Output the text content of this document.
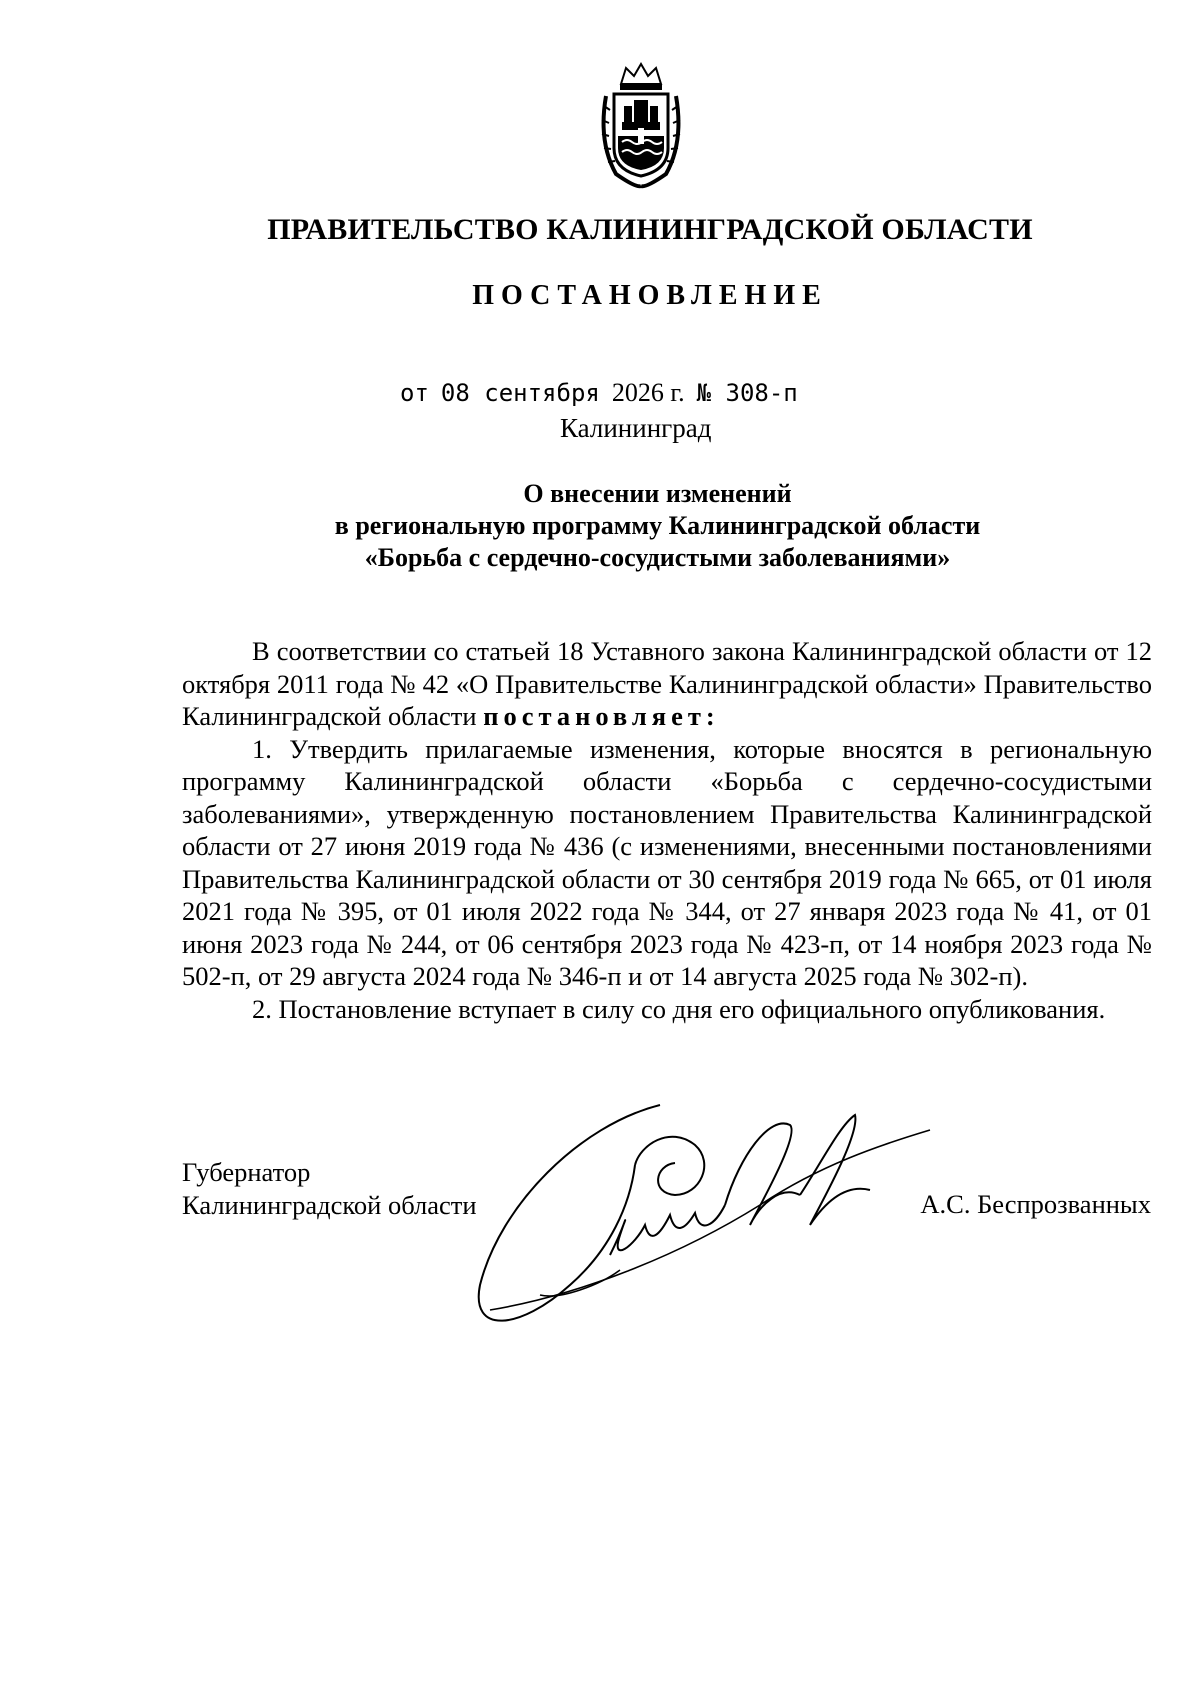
ПРАВИТЕЛЬСТВО КАЛИНИНГРАДСКОЙ ОБЛАСТИ
ПОСТАНОВЛЕНИЕ
от 08 сентября 2026 г. № 308-п
Калининград
О внесении изменений
в региональную программу Калининградской области
«Борьба с сердечно-сосудистыми заболеваниями»

В соответствии со статьей 18 Уставного закона Калининградской области от 12 октября 2011 года № 42 «О Правительстве Калининградской области» Правительство Калининградской области постановляет:

1. Утвердить прилагаемые изменения, которые вносятся в региональную программу Калининградской области «Борьба с сердечно-сосудистыми заболеваниями», утвержденную постановлением Правительства Калининградской области от 27 июня 2019 года № 436 (с изменениями, внесенными постановлениями Правительства Калининградской области от 30 сентября 2019 года № 665, от 01 июля 2021 года № 395, от 01 июля 2022 года № 344, от 27 января 2023 года № 41, от 01 июня 2023 года № 244, от 06 сентября 2023 года № 423-п, от 14 ноября 2023 года № 502-п, от 29 августа 2024 года № 346-п и от 14 августа 2025 года № 302-п).

2. Постановление вступает в силу со дня его официального опубликования.

Губернатор
Калининградской области	А.С. Беспрозванных
